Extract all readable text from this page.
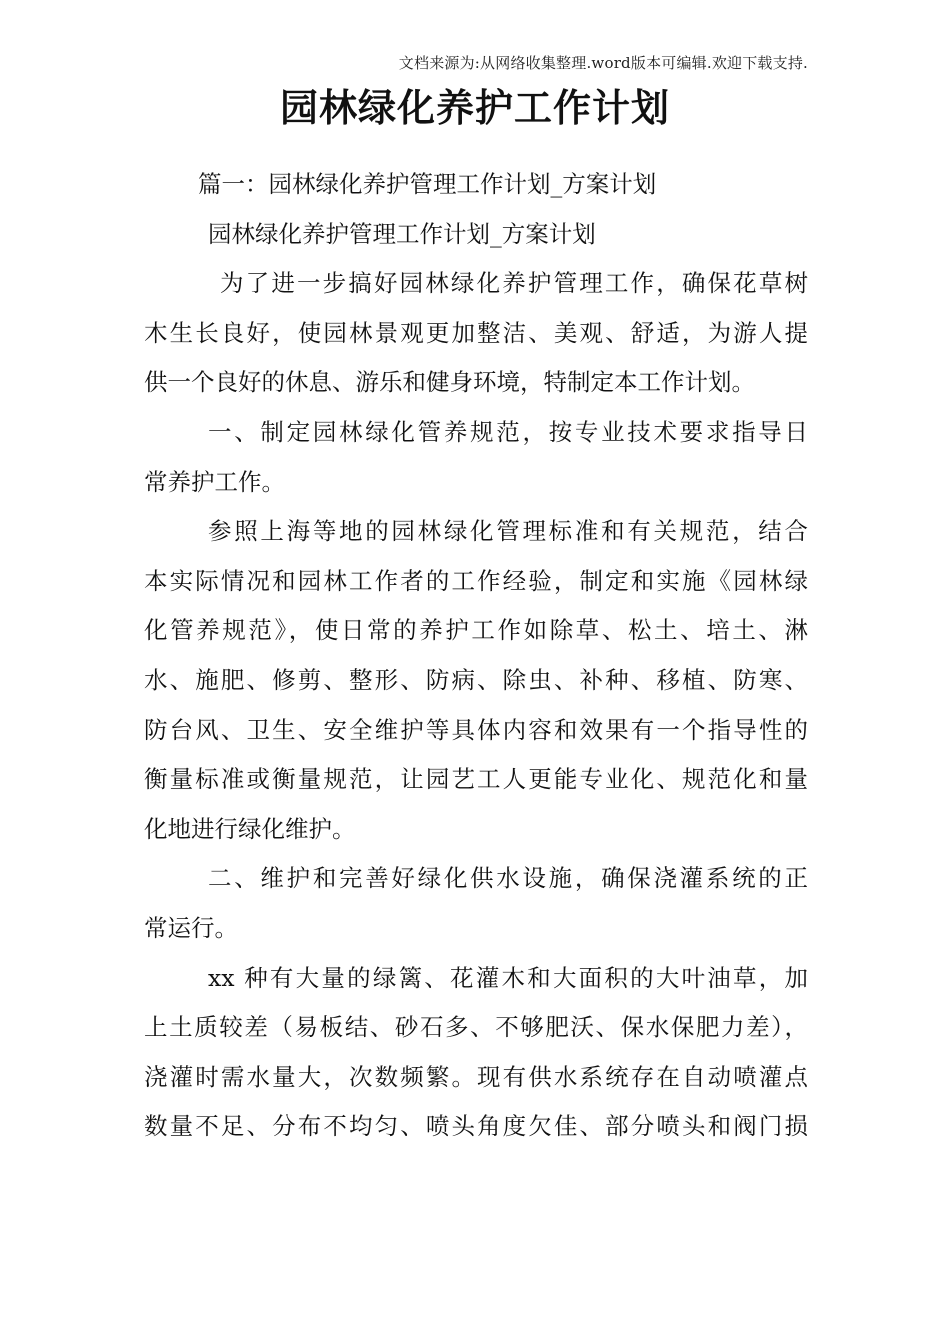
文档来源为:从网络收集整理.word版本可编辑.欢迎下载支持.
园林绿化养护工作计划
篇一：园林绿化养护管理工作计划_方案计划
园林绿化养护管理工作计划_方案计划
为了进一步搞好园林绿化养护管理工作，确保花草树
木生长良好，使园林景观更加整洁、美观、舒适，为游人提
供一个良好的休息、游乐和健身环境，特制定本工作计划。
一、制定园林绿化管养规范，按专业技术要求指导日
常养护工作。
参照上海等地的园林绿化管理标准和有关规范，结合
本实际情况和园林工作者的工作经验，制定和实施《园林绿
化管养规范》，使日常的养护工作如除草、松土、培土、淋
水、施肥、修剪、整形、防病、除虫、补种、移植、防寒、
防台风、卫生、安全维护等具体内容和效果有一个指导性的
衡量标准或衡量规范，让园艺工人更能专业化、规范化和量
化地进行绿化维护。
二、维护和完善好绿化供水设施，确保浇灌系统的正
常运行。
xx 种有大量的绿篱、花灌木和大面积的大叶油草，加
上土质较差（易板结、砂石多、不够肥沃、保水保肥力差），
浇灌时需水量大，次数频繁。现有供水系统存在自动喷灌点
数量不足、分布不均匀、喷头角度欠佳、部分喷头和阀门损
